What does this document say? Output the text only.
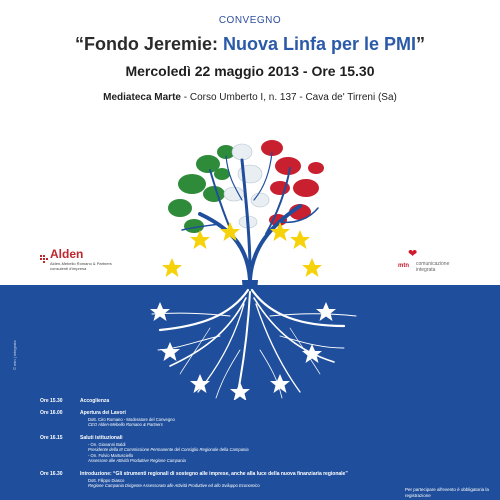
CONVEGNO
“Fondo Jeremie: Nuova Linfa per le PMI”
Mercoledì 22 maggio 2013 - Ore 15.30
Mediateca Marte - Corso Umberto I, n. 137 - Cava de' Tirreni (Sa)
Alden
Alden-Mebello Romano & Partners
consulenti d'impresa
❤
mtn comunicazione integrata
© mtn | integrata
Ore 15.30	Accoglienza
Ore 16.00	Apertura dei Lavori
Dott. Ciro Romano - Moderatore del Convegno
CEO Alden-Mebello Romano & Partners
Ore 16.15	Saluti istituzionali
- On. Giovanni Baldi
Presidente della III Commissione Permanente del Consiglio Regionale della Campania
- On. Fulvio Martusciello
Assessore alle Attività Produttive Regione Campania
Ore 16.30	Introduzione: “Gli strumenti regionali di sostegno alle imprese, anche alla luce della nuova finanziaria regionale”
Dott. Filippo Diasco
Regione Campania Dirigente Assessorato alle Attività Produttive ed allo Sviluppo Economico
Per partecipare all'evento è obbligatoria la registrazione
